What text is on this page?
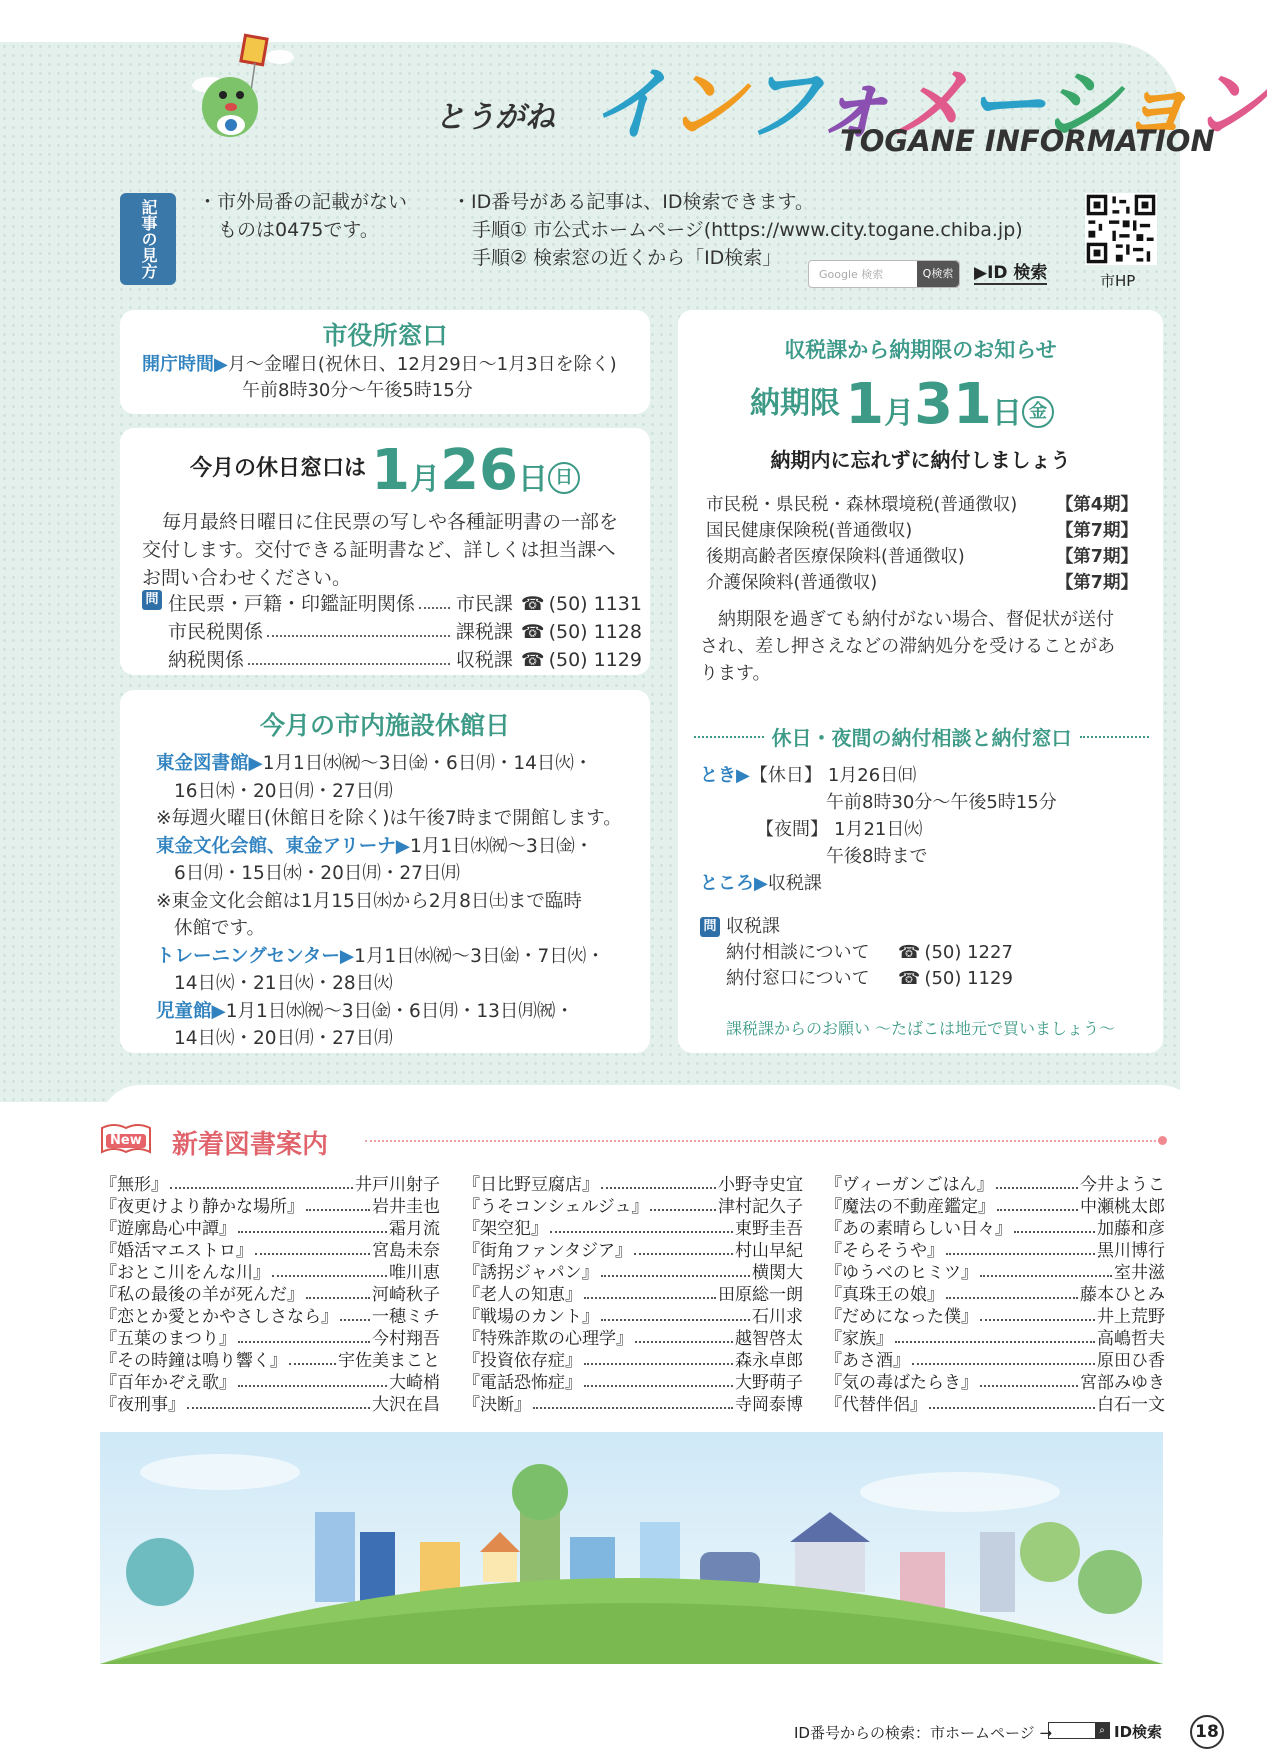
とうがね インフォメーション
TOGANE INFORMATION
記事の見方 ・市外局番の記載がない
ものは0475です。
・ID番号がある記事は、ID検索できます。
手順① 市公式ホームページ(https://www.city.togane.chiba.jp)
手順② 検索窓の近くから「ID検索」
Google 検索	Q検索	▶ID 検索	市HP
市役所窓口
開庁時間▶月～金曜日(祝休日、12月29日～1月3日を除く)
午前8時30分～午後5時15分
今月の休日窓口は 1月26日 日
毎月最終日曜日に住民票の写しや各種証明書の一部を
交付します。交付できる証明書など、詳しくは担当課へ
お問い合わせください。
問 住民票・戸籍・印鑑証明関係 市民課 ☎ (50) 1131
市民税関係	課税課 ☎ (50) 1128
納税関係	収税課 ☎ (50) 1129
今月の市内施設休館日
東金図書館▶1月1日㈬㈷～3日㈮・6日㈪・14日㈫・
16日㈭・20日㈪・27日㈪
※毎週火曜日(休館日を除く)は午後7時まで開館します。
東金文化会館、東金アリーナ▶1月1日㈬㈷～3日㈮・
6日㈪・15日㈬・20日㈪・27日㈪
※東金文化会館は1月15日㈬から2月8日㈯まで臨時
休館です。
トレーニングセンター▶1月1日㈬㈷～3日㈮・7日㈫・
14日㈫・21日㈫・28日㈫
児童館▶1月1日㈬㈷～3日㈮・6日㈪・13日㈪㈷・
14日㈫・20日㈪・27日㈪
収税課から納期限のお知らせ
納期限 1月31日 金
納期内に忘れずに納付しましょう
市民税・県民税・森林環境税(普通徴収) 【第4期】
国民健康保険税(普通徴収)	【第7期】
後期高齢者医療保険料(普通徴収)	【第7期】
介護保険料(普通徴収)	【第7期】
納期限を過ぎても納付がない場合、督促状が送付
され、差し押さえなどの滞納処分を受けることがあ
ります。
休日・夜間の納付相談と納付窓口
とき▶【休日】 1月26日㈰
午前8時30分～午後5時15分
【夜間】 1月21日㈫
午後8時まで
ところ▶収税課
問 収税課
納付相談について ☎ (50) 1227
納付窓口について ☎ (50) 1129
課税課からのお願い ～たばこは地元で買いましょう～
New 新着図書案内
『無形』	井戸川射子
『夜更けより静かな場所』	岩井圭也
『遊廓島心中譚』	霜月流
『婚活マエストロ』	宮島未奈
『おとこ川をんな川』	唯川恵
『私の最後の羊が死んだ』	河崎秋子
『恋とか愛とかやさしさなら』 一穂ミチ
『五葉のまつり』	今村翔吾
『その時鐘は鳴り響く』	宇佐美まこと
『百年かぞえ歌』	大崎梢
『夜刑事』	大沢在昌
『日比野豆腐店』	小野寺史宜
『うそコンシェルジュ』	津村記久子
『架空犯』	東野圭吾
『街角ファンタジア』	村山早紀
『誘拐ジャパン』	横関大
『老人の知恵』	田原総一朗
『戦場のカント』	石川求
『特殊詐欺の心理学』	越智啓太
『投資依存症』	森永卓郎
『電話恐怖症』	大野萌子
『決断』	寺岡泰博
『ヴィーガンごはん』	今井ようこ
『魔法の不動産鑑定』	中瀬桃太郎
『あの素晴らしい日々』	加藤和彦
『そらそうや』	黒川博行
『ゆうべのヒミツ』	室井滋
『真珠王の娘』	藤本ひとみ
『だめになった僕』	井上荒野
『家族』	高嶋哲夫
『あさ酒』	原田ひ香
『気の毒ばたらき』	宮部みゆき
『代替伴侶』	白石一文
ID番号からの検索：市ホームページ →	⌕ ID検索	18
